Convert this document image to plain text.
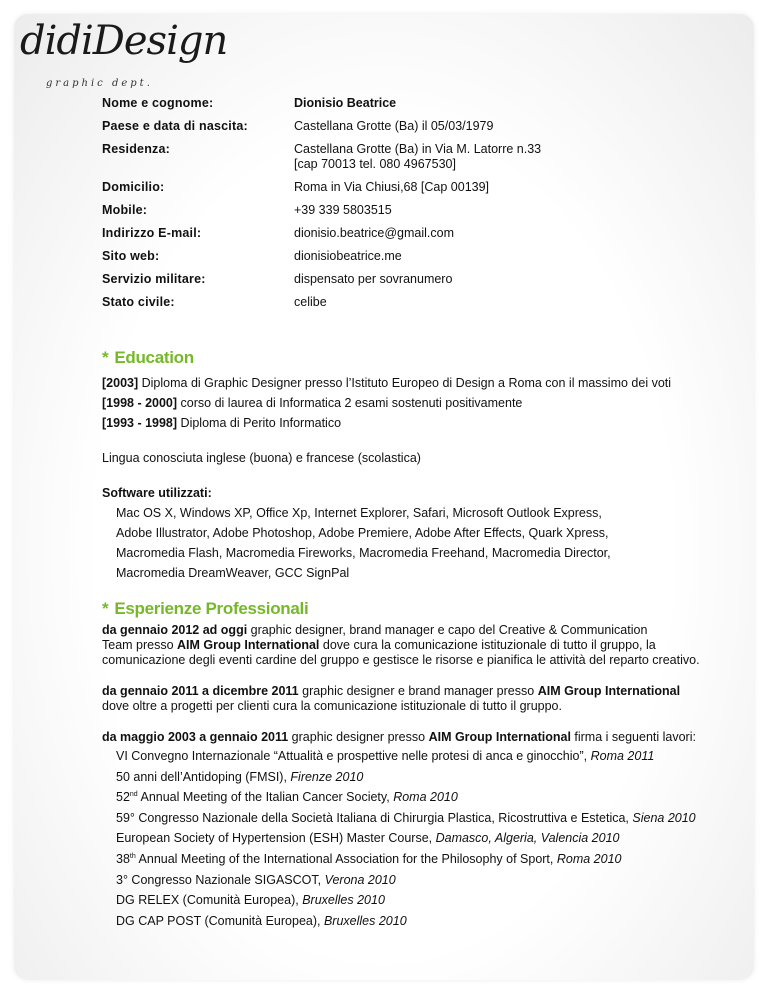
didiDesign
graphic dept.
Nome e cognome:	Dionisio Beatrice
Paese e data di nascita:	Castellana Grotte (Ba) il 05/03/1979
Residenza:	Castellana Grotte (Ba) in Via M. Latorre n.33
[cap 70013 tel. 080 4967530]
Domicilio:	Roma in Via Chiusi,68 [Cap 00139]
Mobile:	+39 339 5803515
Indirizzo E-mail:	dionisio.beatrice@gmail.com
Sito web:	dionisiobeatrice.me
Servizio militare:	dispensato per sovranumero
Stato civile:	celibe
* Education
[2003] Diploma di Graphic Designer presso l’Istituto Europeo di Design a Roma con il massimo dei voti
[1998 - 2000] corso di laurea di Informatica 2 esami sostenuti positivamente
[1993 - 1998] Diploma di Perito Informatico
Lingua conosciuta inglese (buona) e francese (scolastica)
Software utilizzati:
Mac OS X, Windows XP, Office Xp, Internet Explorer, Safari, Microsoft Outlook Express,
Adobe Illustrator, Adobe Photoshop, Adobe Premiere, Adobe After Effects, Quark Xpress,
Macromedia Flash, Macromedia Fireworks, Macromedia Freehand, Macromedia Director,
Macromedia DreamWeaver, GCC SignPal
* Esperienze Professionali
da gennaio 2012 ad oggi graphic designer, brand manager e capo del Creative & Communication
Team presso AIM Group International dove cura la comunicazione istituzionale di tutto il gruppo, la
comunicazione degli eventi cardine del gruppo e gestisce le risorse e pianifica le attività del reparto creativo.
da gennaio 2011 a dicembre 2011 graphic designer e brand manager presso AIM Group International
dove oltre a progetti per clienti cura la comunicazione istituzionale di tutto il gruppo.
da maggio 2003 a gennaio 2011 graphic designer presso AIM Group International firma i seguenti lavori:
VI Convegno Internazionale “Attualità e prospettive nelle protesi di anca e ginocchio”, Roma 2011
50 anni dell’Antidoping (FMSI), Firenze 2010
52nd Annual Meeting of the Italian Cancer Society, Roma 2010
59° Congresso Nazionale della Società Italiana di Chirurgia Plastica, Ricostruttiva e Estetica, Siena 2010
European Society of Hypertension (ESH) Master Course, Damasco, Algeria, Valencia 2010
38th Annual Meeting of the International Association for the Philosophy of Sport, Roma 2010
3° Congresso Nazionale SIGASCOT, Verona 2010
DG RELEX (Comunità Europea), Bruxelles 2010
DG CAP POST (Comunità Europea), Bruxelles 2010
